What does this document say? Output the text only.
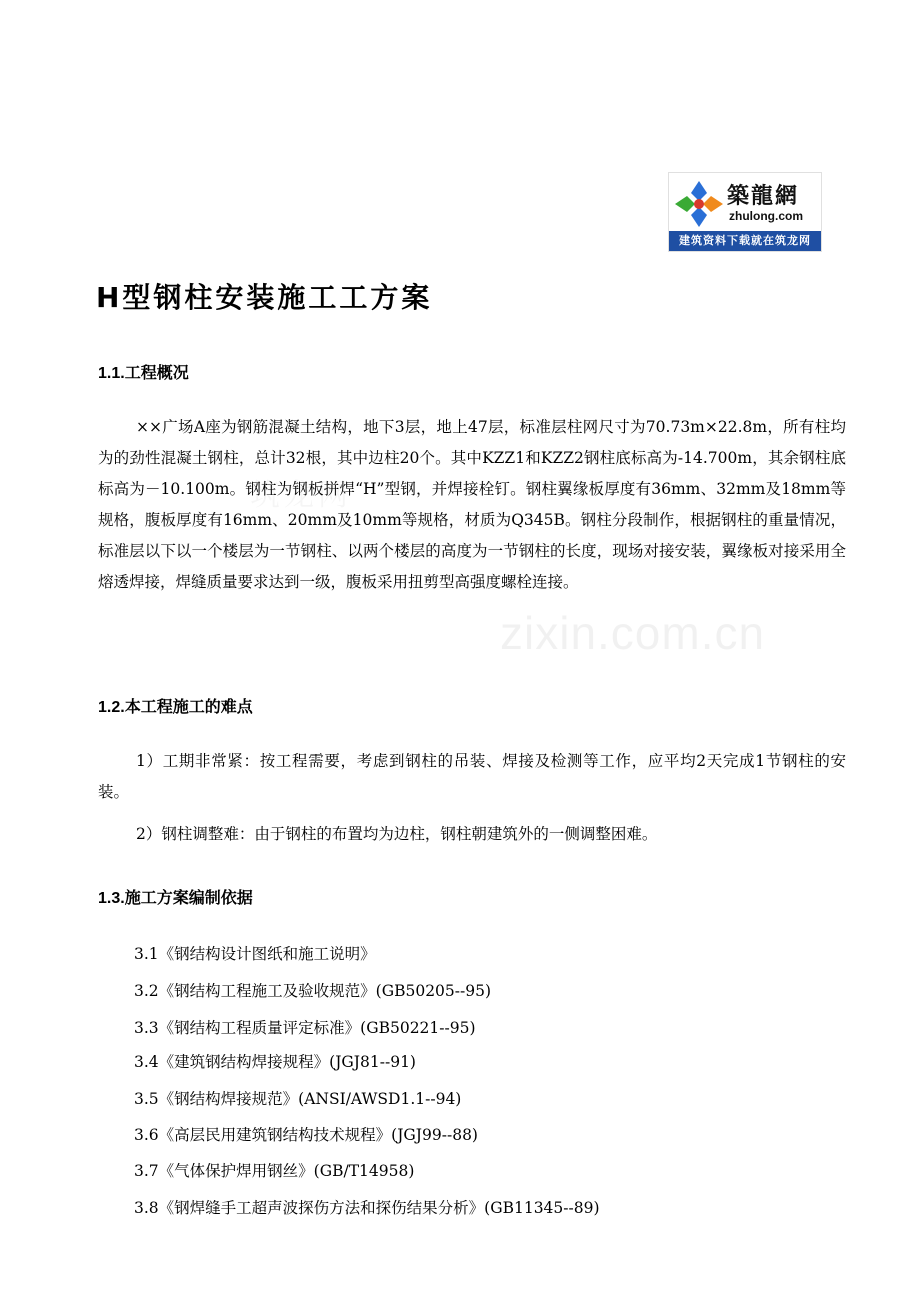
築龍網
zhulong.com
建筑资料下载就在筑龙网
zixin.com.cn
H型钢柱安装施工工方案
1.1.工程概况

××广场A座为钢筋混凝土结构，地下3层，地上47层，标准层柱网尺寸为70.73m×22.8m，所有柱均为的劲性混凝土钢柱，总计32根，其中边柱20个。其中KZZ1和KZZ2钢柱底标高为-14.700m，其余钢柱底标高为－10.100m。钢柱为钢板拼焊“H”型钢，并焊接栓钉。钢柱翼缘板厚度有36mm、32mm及18mm等规格，腹板厚度有16mm、20mm及10mm等规格，材质为Q345B。钢柱分段制作，根据钢柱的重量情况，标准层以下以一个楼层为一节钢柱、以两个楼层的高度为一节钢柱的长度，现场对接安装，翼缘板对接采用全熔透焊接，焊缝质量要求达到一级，腹板采用扭剪型高强度螺栓连接。

1.2.本工程施工的难点

1）工期非常紧：按工程需要，考虑到钢柱的吊装、焊接及检测等工作，应平均2天完成1节钢柱的安装。

2）钢柱调整难：由于钢柱的布置均为边柱，钢柱朝建筑外的一侧调整困难。

1.3.施工方案编制依据

3.1《钢结构设计图纸和施工说明》

3.2《钢结构工程施工及验收规范》(GB50205--95)

3.3《钢结构工程质量评定标准》(GB50221--95)

3.4《建筑钢结构焊接规程》(JGJ81--91)

3.5《钢结构焊接规范》(ANSI/AWSD1.1--94)

3.6《高层民用建筑钢结构技术规程》(JGJ99--88)

3.7《气体保护焊用钢丝》(GB/T14958)

3.8《钢焊缝手工超声波探伤方法和探伤结果分析》(GB11345--89)
